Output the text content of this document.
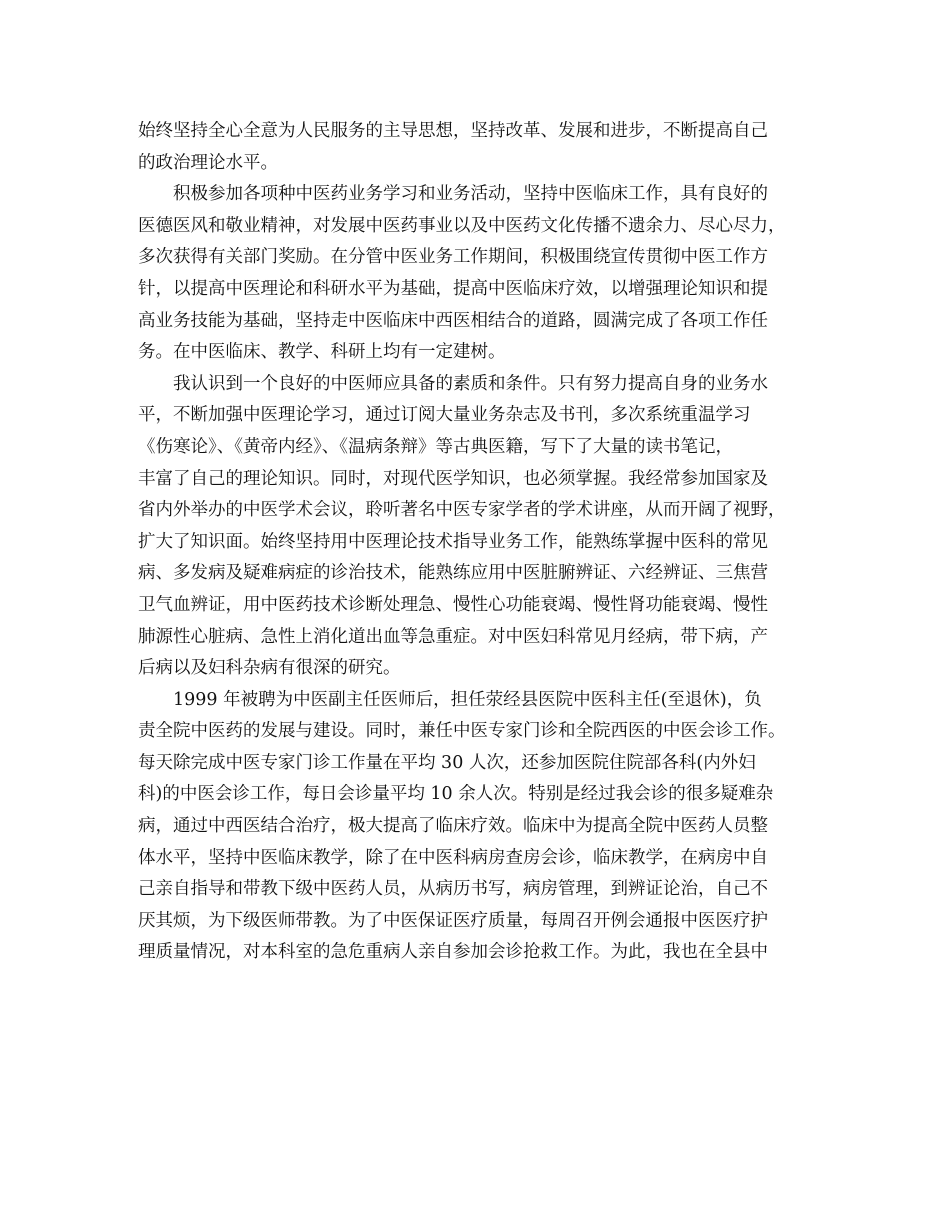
始终坚持全心全意为人民服务的主导思想，坚持改革、发展和进步，不断提高自己
的政治理论水平。
积极参加各项种中医药业务学习和业务活动，坚持中医临床工作，具有良好的
医德医风和敬业精神，对发展中医药事业以及中医药文化传播不遗余力、尽心尽力，
多次获得有关部门奖励。在分管中医业务工作期间，积极围绕宣传贯彻中医工作方
针，以提高中医理论和科研水平为基础，提高中医临床疗效，以增强理论知识和提
高业务技能为基础，坚持走中医临床中西医相结合的道路，圆满完成了各项工作任
务。在中医临床、教学、科研上均有一定建树。
我认识到一个良好的中医师应具备的素质和条件。只有努力提高自身的业务水
平，不断加强中医理论学习，通过订阅大量业务杂志及书刊，多次系统重温学习
《伤寒论》、《黄帝内经》、《温病条辩》等古典医籍，写下了大量的读书笔记，
丰富了自己的理论知识。同时，对现代医学知识，也必须掌握。我经常参加国家及
省内外举办的中医学术会议，聆听著名中医专家学者的学术讲座，从而开阔了视野，
扩大了知识面。始终坚持用中医理论技术指导业务工作，能熟练掌握中医科的常见
病、多发病及疑难病症的诊治技术，能熟练应用中医脏腑辨证、六经辨证、三焦营
卫气血辨证，用中医药技术诊断处理急、慢性心功能衰竭、慢性肾功能衰竭、慢性
肺源性心脏病、急性上消化道出血等急重症。对中医妇科常见月经病，带下病，产
后病以及妇科杂病有很深的研究。
1999 年被聘为中医副主任医师后，担任荥经县医院中医科主任(至退休)，负
责全院中医药的发展与建设。同时，兼任中医专家门诊和全院西医的中医会诊工作。
每天除完成中医专家门诊工作量在平均 30 人次，还参加医院住院部各科(内外妇
科)的中医会诊工作，每日会诊量平均 10 余人次。特别是经过我会诊的很多疑难杂
病，通过中西医结合治疗，极大提高了临床疗效。临床中为提高全院中医药人员整
体水平，坚持中医临床教学，除了在中医科病房查房会诊，临床教学，在病房中自
己亲自指导和带教下级中医药人员，从病历书写，病房管理，到辨证论治，自己不
厌其烦，为下级医师带教。为了中医保证医疗质量，每周召开例会通报中医医疗护
理质量情况，对本科室的急危重病人亲自参加会诊抢救工作。为此，我也在全县中
